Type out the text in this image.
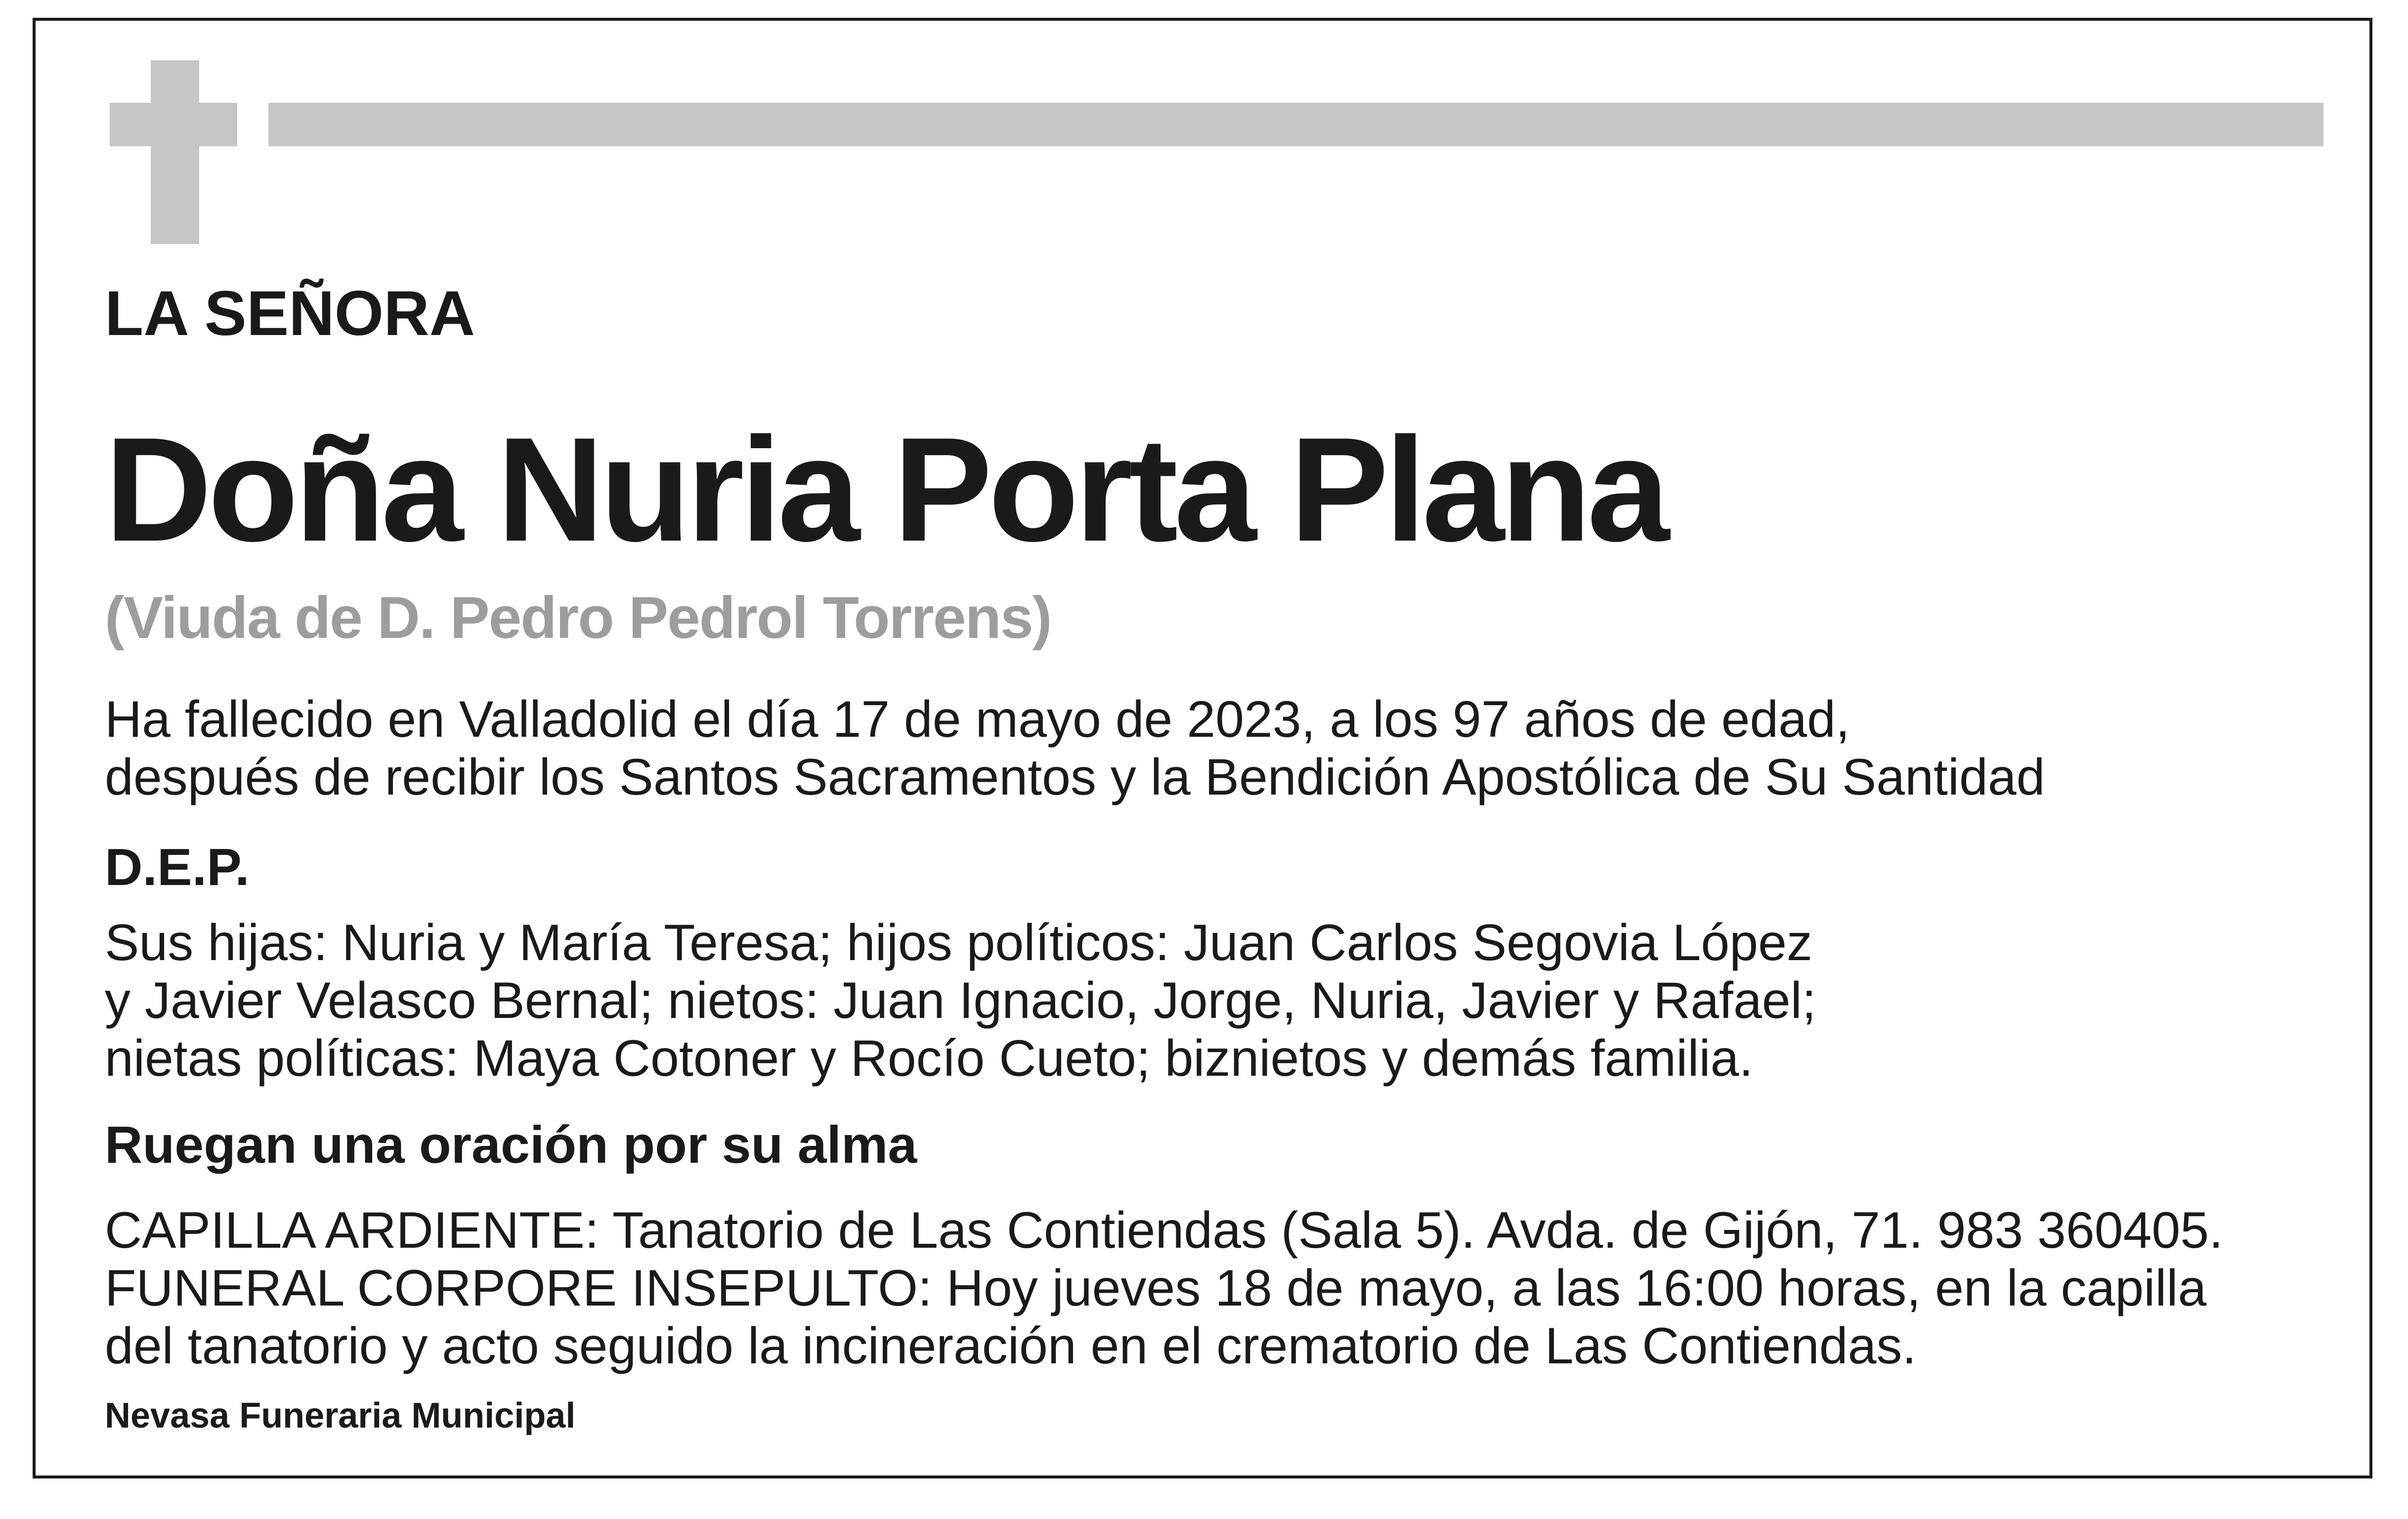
LA SEÑORA
Doña Nuria Porta Plana
(Viuda de D. Pedro Pedrol Torrens)
Ha fallecido en Valladolid el día 17 de mayo de 2023, a los 97 años de edad,
después de recibir los Santos Sacramentos y la Bendición Apostólica de Su Santidad
D.E.P.
Sus hijas: Nuria y María Teresa; hijos políticos: Juan Carlos Segovia López
y Javier Velasco Bernal; nietos: Juan Ignacio, Jorge, Nuria, Javier y Rafael;
nietas políticas: Maya Cotoner y Rocío Cueto; biznietos y demás familia.
Ruegan una oración por su alma
CAPILLA ARDIENTE: Tanatorio de Las Contiendas (Sala 5). Avda. de Gijón, 71. 983 360405.
FUNERAL CORPORE INSEPULTO: Hoy jueves 18 de mayo, a las 16:00 horas, en la capilla
del tanatorio y acto seguido la incineración en el crematorio de Las Contiendas.
Nevasa Funeraria Municipal
